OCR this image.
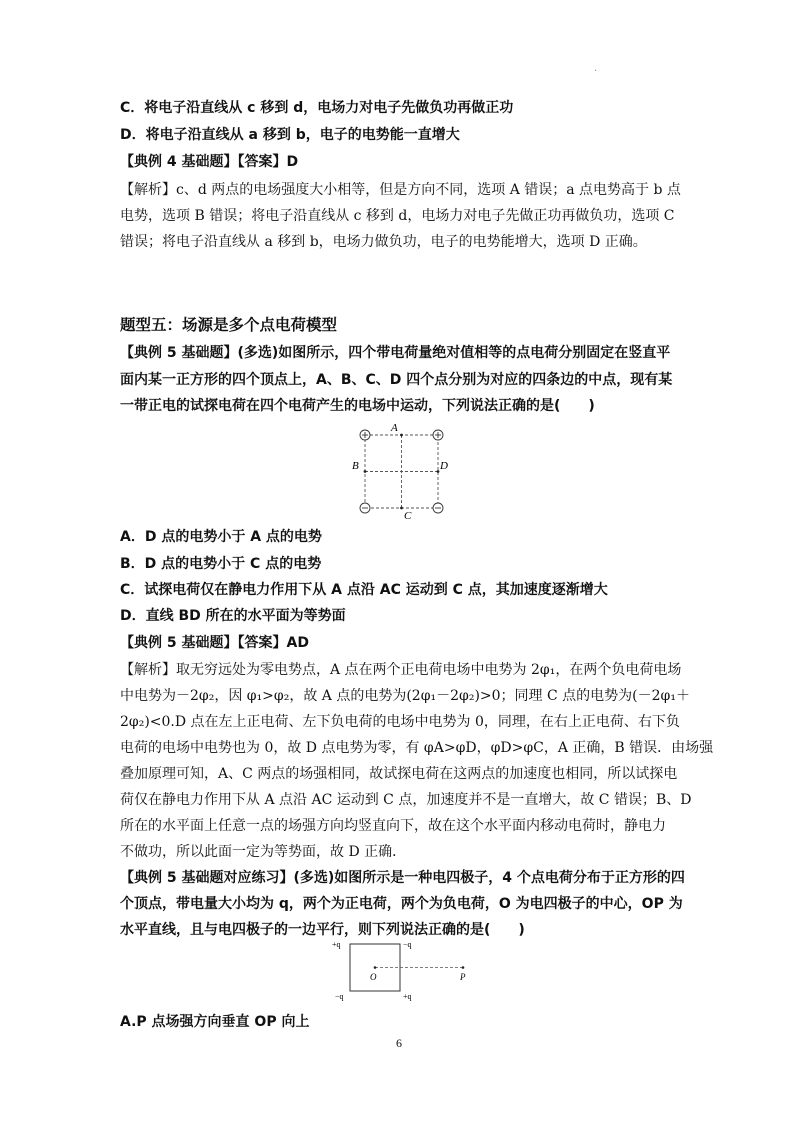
·
C．将电子沿直线从 c 移到 d，电场力对电子先做负功再做正功
D．将电子沿直线从 a 移到 b，电子的电势能一直增大
【典例 4 基础题】【答案】D
【解析】c、d 两点的电场强度大小相等，但是方向不同，选项 A 错误；a 点电势高于 b 点
电势，选项 B 错误；将电子沿直线从 c 移到 d，电场力对电子先做正功再做负功，选项 C
错误；将电子沿直线从 a 移到 b，电场力做负功，电子的电势能增大，选项 D 正确。
题型五：场源是多个点电荷模型
【典例 5 基础题】(多选)如图所示，四个带电荷量绝对值相等的点电荷分别固定在竖直平
面内某一正方形的四个顶点上，A、B、C、D 四个点分别为对应的四条边的中点，现有某
一带正电的试探电荷在四个电荷产生的电场中运动，下列说法正确的是(　　)
A．D 点的电势小于 A 点的电势
B．D 点的电势小于 C 点的电势
C．试探电荷仅在静电力作用下从 A 点沿 AC 运动到 C 点，其加速度逐渐增大
D．直线 BD 所在的水平面为等势面
【典例 5 基础题】【答案】AD
【解析】取无穷远处为零电势点，A 点在两个正电荷电场中电势为 2φ₁，在两个负电荷电场
中电势为－2φ₂，因 φ₁>φ₂，故 A 点的电势为(2φ₁－2φ₂)>0；同理 C 点的电势为(－2φ₁＋
2φ₂)<0.D 点在左上正电荷、左下负电荷的电场中电势为 0，同理，在右上正电荷、右下负
电荷的电场中电势也为 0，故 D 点电势为零，有 φA>φD，φD>φC，A 正确，B 错误．由场强
叠加原理可知，A、C 两点的场强相同，故试探电荷在这两点的加速度也相同，所以试探电
荷仅在静电力作用下从 A 点沿 AC 运动到 C 点，加速度并不是一直增大，故 C 错误；B、D
所在的水平面上任意一点的场强方向均竖直向下，故在这个水平面内移动电荷时，静电力
不做功，所以此面一定为等势面，故 D 正确．
【典例 5 基础题对应练习】(多选)如图所示是一种电四极子，4 个点电荷分布于正方形的四
个顶点，带电量大小均为 q，两个为正电荷，两个为负电荷，O 为电四极子的中心，OP 为
水平直线，且与电四极子的一边平行，则下列说法正确的是(　　)
A.P 点场强方向垂直 OP 向上
A
B	D
C
+q	−q
−q	+q
O	P
6
